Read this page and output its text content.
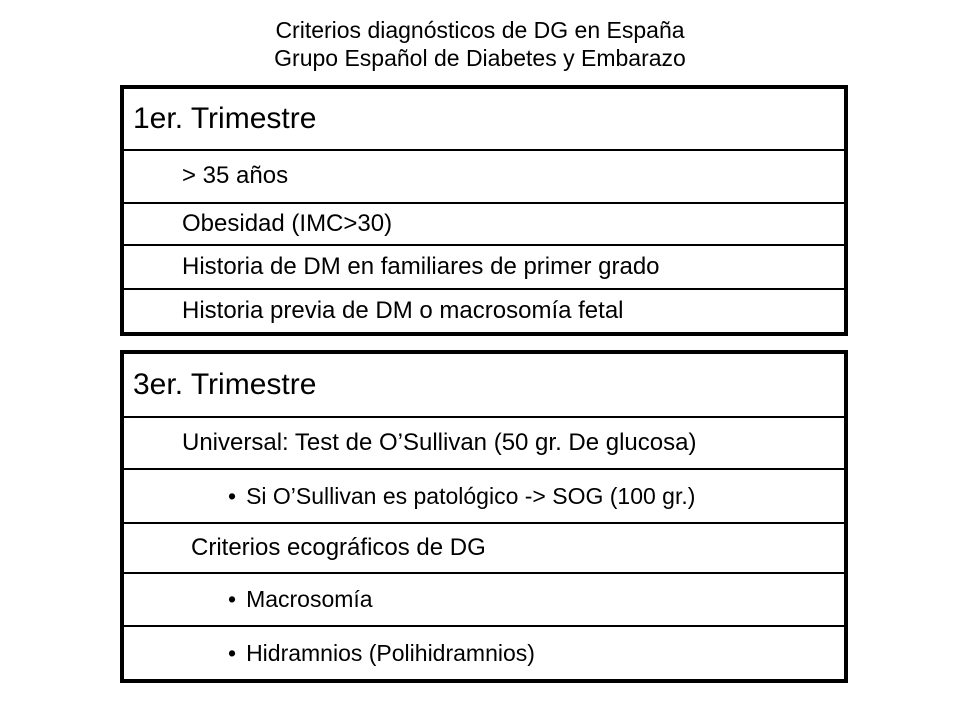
Criterios diagnósticos de DG en España
Grupo Español de Diabetes y Embarazo
1er. Trimestre
> 35 años
Obesidad (IMC>30)
Historia de DM en familiares de primer grado
Historia previa de DM o macrosomía fetal
3er. Trimestre
Universal: Test de O’Sullivan (50 gr. De glucosa)
• Si O’Sullivan es patológico -> SOG (100 gr.)
Criterios ecográficos de DG
• Macrosomía
• Hidramnios (Polihidramnios)
